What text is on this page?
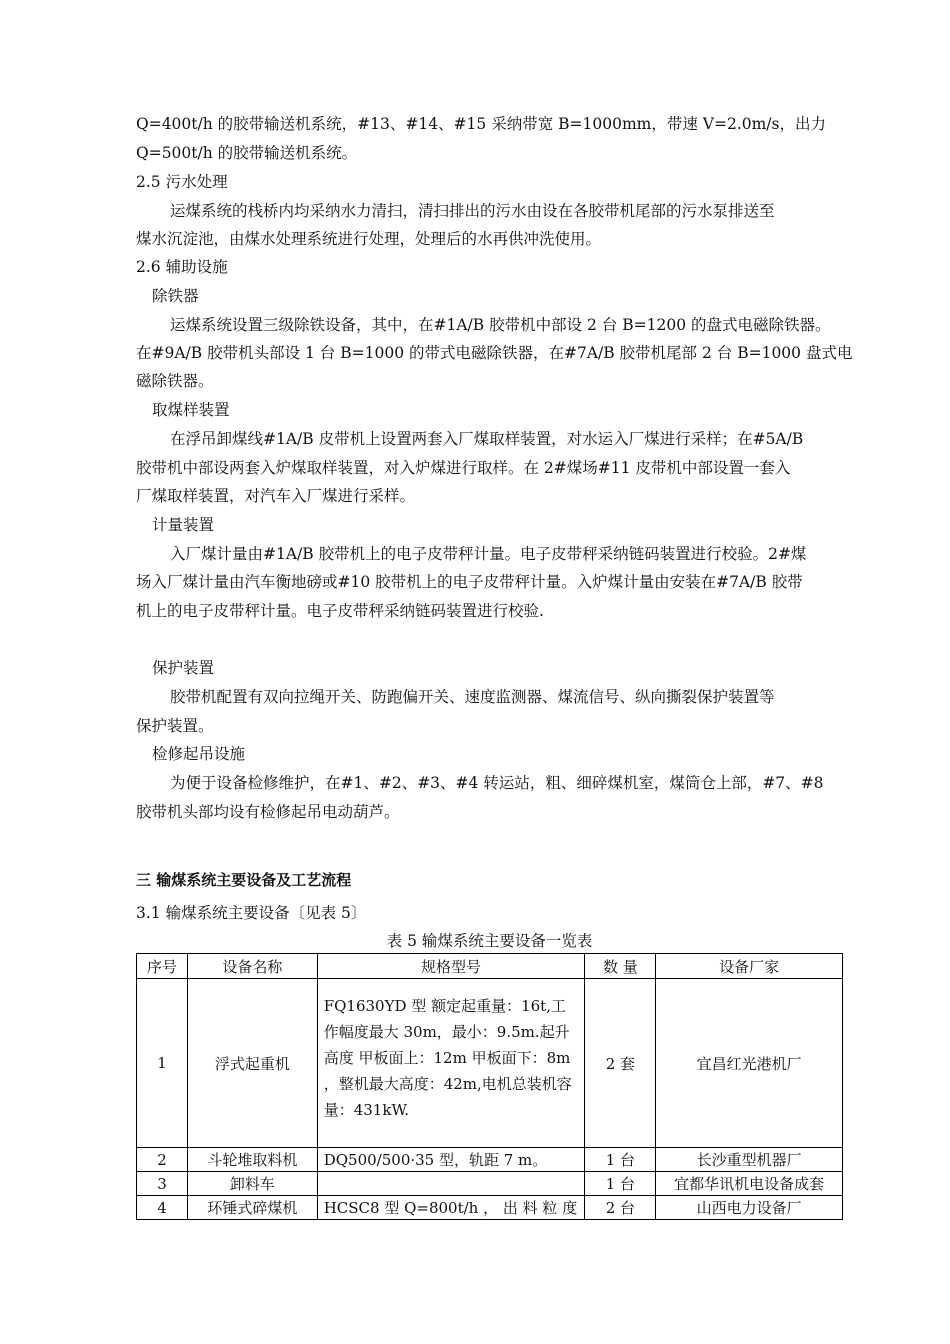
Q=400t/h 的胶带输送机系统，#13、#14、#15 采纳带宽 B=1000mm，带速 V=2.0m/s，出力
Q=500t/h 的胶带输送机系统。
2.5 污水处理
运煤系统的栈桥内均采纳水力清扫，清扫排出的污水由设在各胶带机尾部的污水泵排送至
煤水沉淀池，由煤水处理系统进行处理，处理后的水再供冲洗使用。
2.6 辅助设施
除铁器
运煤系统设置三级除铁设备，其中，在#1A/B 胶带机中部设 2 台 B=1200 的盘式电磁除铁器。
在#9A/B 胶带机头部设 1 台 B=1000 的带式电磁除铁器，在#7A/B 胶带机尾部 2 台 B=1000 盘式电
磁除铁器。
取煤样装置
在浮吊卸煤线#1A/B 皮带机上设置两套入厂煤取样装置，对水运入厂煤进行采样；在#5A/B
胶带机中部设两套入炉煤取样装置，对入炉煤进行取样。在 2#煤场#11 皮带机中部设置一套入
厂煤取样装置，对汽车入厂煤进行采样。
计量装置
入厂煤计量由#1A/B 胶带机上的电子皮带秤计量。电子皮带秤采纳链码装置进行校验。2#煤
场入厂煤计量由汽车衡地磅或#10 胶带机上的电子皮带秤计量。入炉煤计量由安装在#7A/B 胶带
机上的电子皮带秤计量。电子皮带秤采纳链码装置进行校验.
保护装置
胶带机配置有双向拉绳开关、防跑偏开关、速度监测器、煤流信号、纵向撕裂保护装置等
保护装置。
检修起吊设施
为便于设备检修维护，在#1、#2、#3、#4 转运站，粗、细碎煤机室，煤筒仓上部，#7、#8
胶带机头部均设有检修起吊电动葫芦。
三 输煤系统主要设备及工艺流程
3.1 输煤系统主要设备〔见表 5〕
表 5 输煤系统主要设备一览表
序号	设备名称	规格型号	数 量	设备厂家
1	浮式起重机	FQ1630YD 型 额定起重量：16t,工作幅度最大 30m，最小：9.5m.起升高度 甲板面上：12m 甲板面下：8m ，整机最大高度：42m,电机总装机容量：431kW.	2 套	宜昌红光港机厂
2	斗轮堆取料机	DQ500/500·35 型，轨距 7 m。	1 台	长沙重型机器厂
3	卸料车		1 台	宜都华讯机电设备成套
4	环锤式碎煤机	HCSC8 型 Q=800t/h ， 出 料 粒 度	2 台	山西电力设备厂
